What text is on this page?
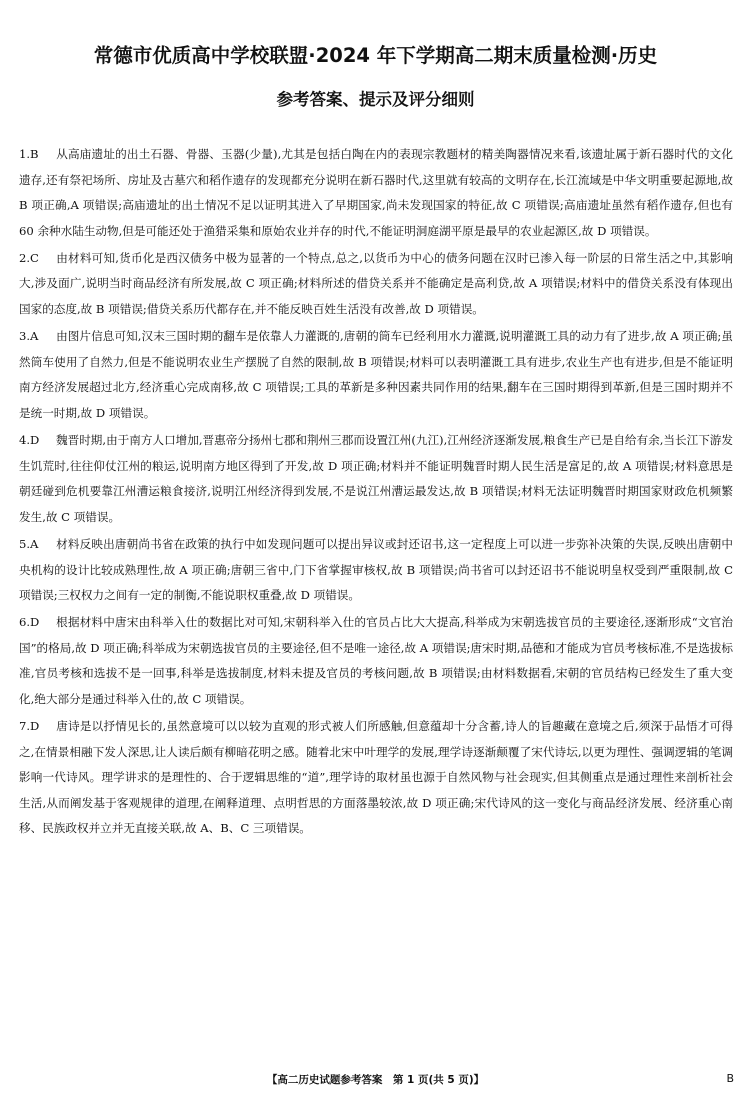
常德市优质高中学校联盟·2024 年下学期高二期末质量检测·历史
参考答案、提示及评分细则

1.B 从高庙遗址的出土石器、骨器、玉器(少量),尤其是包括白陶在内的表现宗教题材的精美陶器情况来看,该遗址属于新石器时代的文化遗存,还有祭祀场所、房址及古墓穴和稻作遗存的发现都充分说明在新石器时代,这里就有较高的文明存在,长江流域是中华文明重要起源地,故 B 项正确,A 项错误;高庙遗址的出土情况不足以证明其进入了早期国家,尚未发现国家的特征,故 C 项错误;高庙遗址虽然有稻作遗存,但也有 60 余种水陆生动物,但是可能还处于渔猎采集和原始农业并存的时代,不能证明洞庭湖平原是最早的农业起源区,故 D 项错误。

2.C 由材料可知,货币化是西汉债务中极为显著的一个特点,总之,以货币为中心的债务问题在汉时已渗入每一阶层的日常生活之中,其影响大,涉及面广,说明当时商品经济有所发展,故 C 项正确;材料所述的借贷关系并不能确定是高利贷,故 A 项错误;材料中的借贷关系没有体现出国家的态度,故 B 项错误;借贷关系历代都存在,并不能反映百姓生活没有改善,故 D 项错误。

3.A 由图片信息可知,汉末三国时期的翻车是依靠人力灌溉的,唐朝的筒车已经利用水力灌溉,说明灌溉工具的动力有了进步,故 A 项正确;虽然筒车使用了自然力,但是不能说明农业生产摆脱了自然的限制,故 B 项错误;材料可以表明灌溉工具有进步,农业生产也有进步,但是不能证明南方经济发展超过北方,经济重心完成南移,故 C 项错误;工具的革新是多种因素共同作用的结果,翻车在三国时期得到革新,但是三国时期并不是统一时期,故 D 项错误。

4.D 魏晋时期,由于南方人口增加,晋惠帝分扬州七郡和荆州三郡而设置江州(九江),江州经济逐渐发展,粮食生产已是自给有余,当长江下游发生饥荒时,往往仰仗江州的粮运,说明南方地区得到了开发,故 D 项正确;材料并不能证明魏晋时期人民生活是富足的,故 A 项错误;材料意思是朝廷碰到危机要靠江州漕运粮食接济,说明江州经济得到发展,不是说江州漕运最发达,故 B 项错误;材料无法证明魏晋时期国家财政危机频繁发生,故 C 项错误。

5.A 材料反映出唐朝尚书省在政策的执行中如发现问题可以提出异议或封还诏书,这一定程度上可以进一步弥补决策的失误,反映出唐朝中央机构的设计比较成熟理性,故 A 项正确;唐朝三省中,门下省掌握审核权,故 B 项错误;尚书省可以封还诏书不能说明皇权受到严重限制,故 C 项错误;三权权力之间有一定的制衡,不能说职权重叠,故 D 项错误。

6.D 根据材料中唐宋由科举入仕的数据比对可知,宋朝科举入仕的官员占比大大提高,科举成为宋朝选拔官员的主要途径,逐渐形成“文官治国”的格局,故 D 项正确;科举成为宋朝选拔官员的主要途径,但不是唯一途径,故 A 项错误;唐宋时期,品德和才能成为官员考核标准,不是选拔标准,官员考核和选拔不是一回事,科举是选拔制度,材料未提及官员的考核问题,故 B 项错误;由材料数据看,宋朝的官员结构已经发生了重大变化,绝大部分是通过科举入仕的,故 C 项错误。

7.D 唐诗是以抒情见长的,虽然意境可以以较为直观的形式被人们所感触,但意蕴却十分含蓄,诗人的旨趣藏在意境之后,须深于品悟才可得之,在情景相融下发人深思,让人读后颇有柳暗花明之感。随着北宋中叶理学的发展,理学诗逐渐颠覆了宋代诗坛,以更为理性、强调逻辑的笔调影响一代诗风。理学讲求的是理性的、合于逻辑思维的“道”,理学诗的取材虽也源于自然风物与社会现实,但其侧重点是通过理性来剖析社会生活,从而阐发基于客观规律的道理,在阐释道理、点明哲思的方面落墨较浓,故 D 项正确;宋代诗风的这一变化与商品经济发展、经济重心南移、民族政权并立并无直接关联,故 A、B、C 三项错误。

【高二历史试题参考答案　第 1 页(共 5 页)】	B
